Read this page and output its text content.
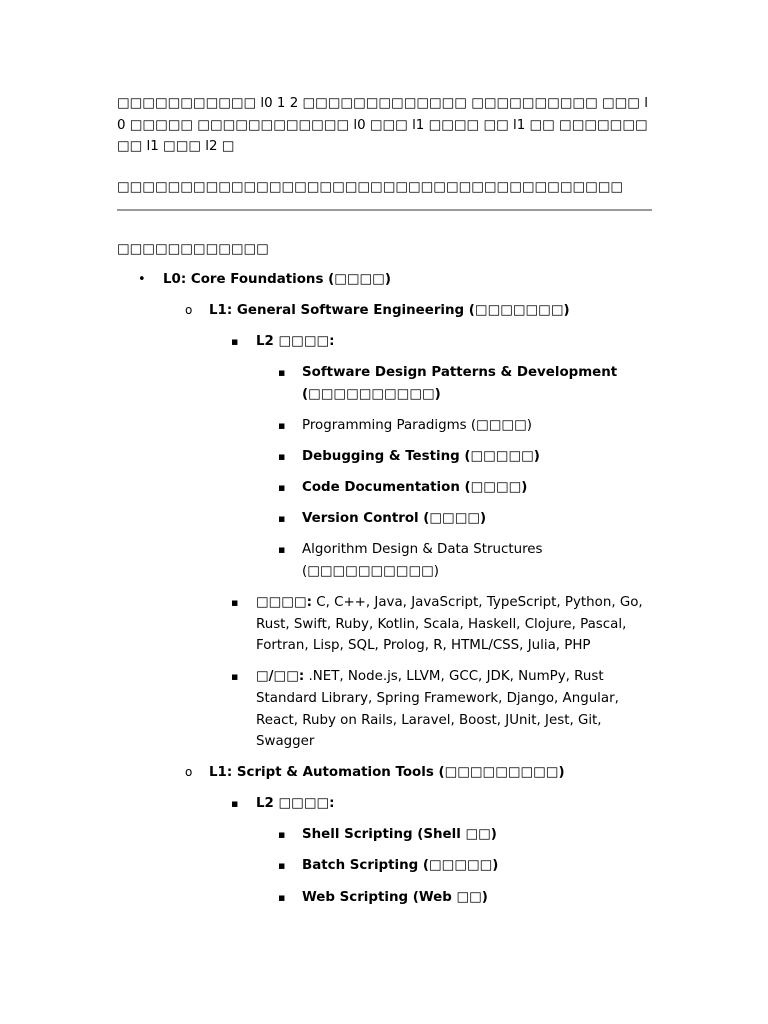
□□□□□□□□□□□ l0 1 2 □□□□□□□□□□□□□ □□□□□□□□□□ □□□ l0 □□□□□ □□□□□□□□□□□□ l0 □□□ l1 □□□□ □□ l1 □□ □□□□□□□□□ l1 □□□ l2 □

□□□□□□□□□□□□□□□□□□□□□□□□□□□□□□□□□□□□□□□□

□□□□□□□□□□□□

• L0: Core Foundations (□□□□)
o L1: General Software Engineering (□□□□□□□)
▪ L2 □□□□:
▪ Software Design Patterns & Development (□□□□□□□□□□)
▪ Programming Paradigms (□□□□)
▪ Debugging & Testing (□□□□□)
▪ Code Documentation (□□□□)
▪ Version Control (□□□□)
▪ Algorithm Design & Data Structures (□□□□□□□□□□)
▪ □□□□: C, C++, Java, JavaScript, TypeScript, Python, Go, Rust, Swift, Ruby, Kotlin, Scala, Haskell, Clojure, Pascal, Fortran, Lisp, SQL, Prolog, R, HTML/CSS, Julia, PHP
▪ □/□□: .NET, Node.js, LLVM, GCC, JDK, NumPy, Rust Standard Library, Spring Framework, Django, Angular, React, Ruby on Rails, Laravel, Boost, JUnit, Jest, Git, Swagger
o L1: Script & Automation Tools (□□□□□□□□□)
▪ L2 □□□□:
▪ Shell Scripting (Shell □□)
▪ Batch Scripting (□□□□□)
▪ Web Scripting (Web □□)
